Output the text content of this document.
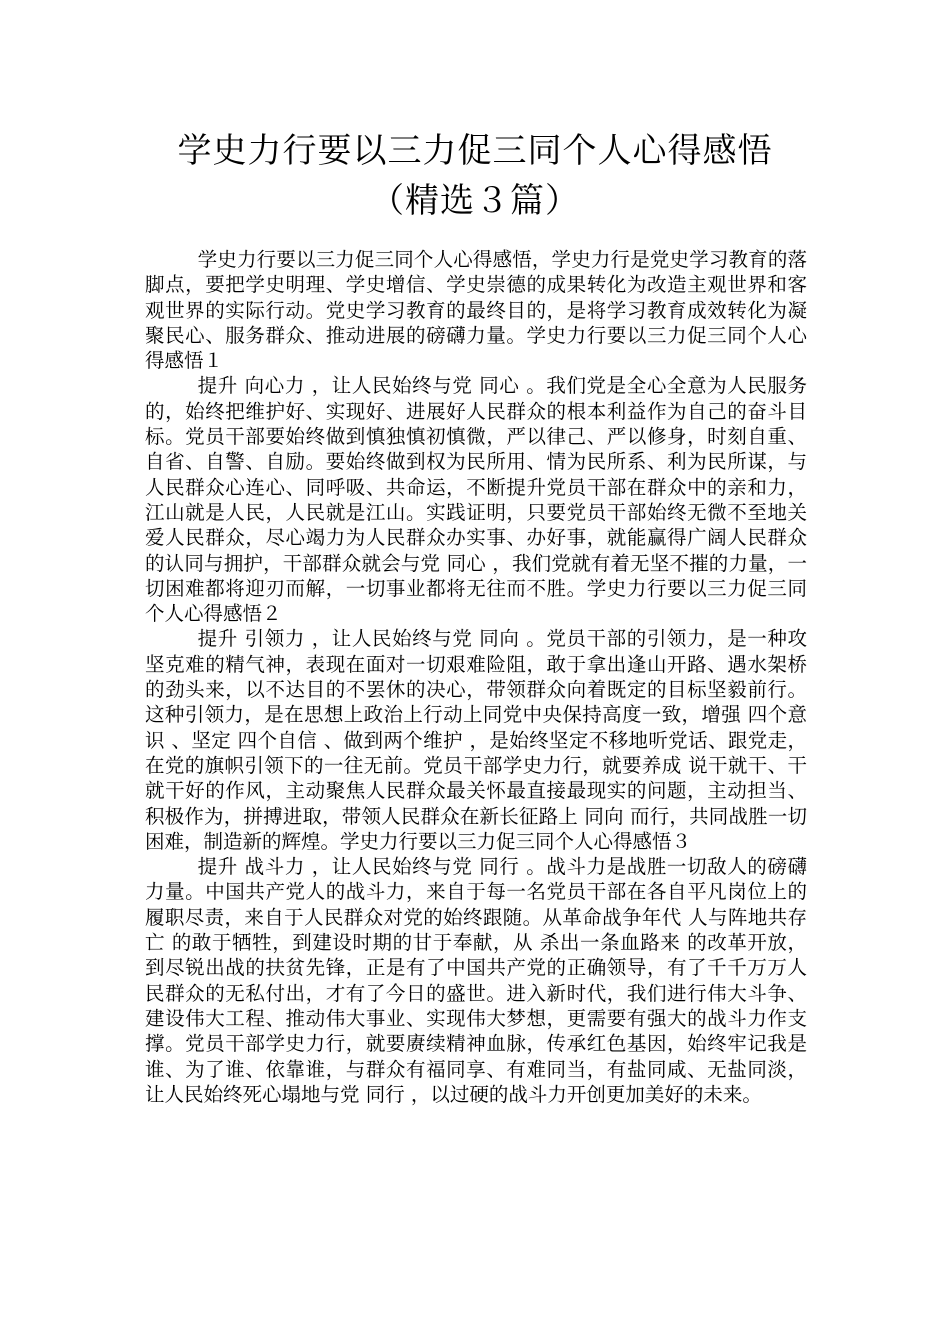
学史力行要以三力促三同个人心得感悟
（精选３篇）

学史力行要以三力促三同个人心得感悟，学史力行是党史学习教育的落脚点，要把学史明理、学史增信、学史崇德的成果转化为改造主观世界和客观世界的实际行动。党史学习教育的最终目的，是将学习教育成效转化为凝聚民心、服务群众、推动进展的磅礴力量。学史力行要以三力促三同个人心得感悟１

提升 向心力 ，让人民始终与党 同心 。我们党是全心全意为人民服务的，始终把维护好、实现好、进展好人民群众的根本利益作为自己的奋斗目标。党员干部要始终做到慎独慎初慎微，严以律己、严以修身，时刻自重、自省、自警、自励。要始终做到权为民所用、情为民所系、利为民所谋，与人民群众心连心、同呼吸、共命运，不断提升党员干部在群众中的亲和力，江山就是人民，人民就是江山。实践证明，只要党员干部始终无微不至地关爱人民群众，尽心竭力为人民群众办实事、办好事，就能赢得广阔人民群众的认同与拥护，干部群众就会与党 同心 ，我们党就有着无坚不摧的力量，一切困难都将迎刃而解，一切事业都将无往而不胜。学史力行要以三力促三同个人心得感悟２

提升 引领力 ，让人民始终与党 同向 。党员干部的引领力，是一种攻坚克难的精气神，表现在面对一切艰难险阻，敢于拿出逢山开路、遇水架桥的劲头来，以不达目的不罢休的决心，带领群众向着既定的目标坚毅前行。这种引领力，是在思想上政治上行动上同党中央保持高度一致，增强 四个意识 、坚定 四个自信 、做到两个维护 ，是始终坚定不移地听党话、跟党走，在党的旗帜引领下的一往无前。党员干部学史力行，就要养成 说干就干、干就干好的作风，主动聚焦人民群众最关怀最直接最现实的问题，主动担当、积极作为，拼搏进取，带领人民群众在新长征路上 同向 而行，共同战胜一切困难，制造新的辉煌。学史力行要以三力促三同个人心得感悟３

提升 战斗力 ，让人民始终与党 同行 。战斗力是战胜一切敌人的磅礴力量。中国共产党人的战斗力，来自于每一名党员干部在各自平凡岗位上的履职尽责，来自于人民群众对党的始终跟随。从革命战争年代 人与阵地共存亡 的敢于牺牲，到建设时期的甘于奉献，从 杀出一条血路来 的改革开放，到尽锐出战的扶贫先锋，正是有了中国共产党的正确领导，有了千千万万人民群众的无私付出，才有了今日的盛世。进入新时代，我们进行伟大斗争、建设伟大工程、推动伟大事业、实现伟大梦想，更需要有强大的战斗力作支撑。党员干部学史力行，就要赓续精神血脉，传承红色基因，始终牢记我是谁、为了谁、依靠谁，与群众有福同享、有难同当，有盐同咸、无盐同淡，让人民始终死心塌地与党 同行 ，以过硬的战斗力开创更加美好的未来。
